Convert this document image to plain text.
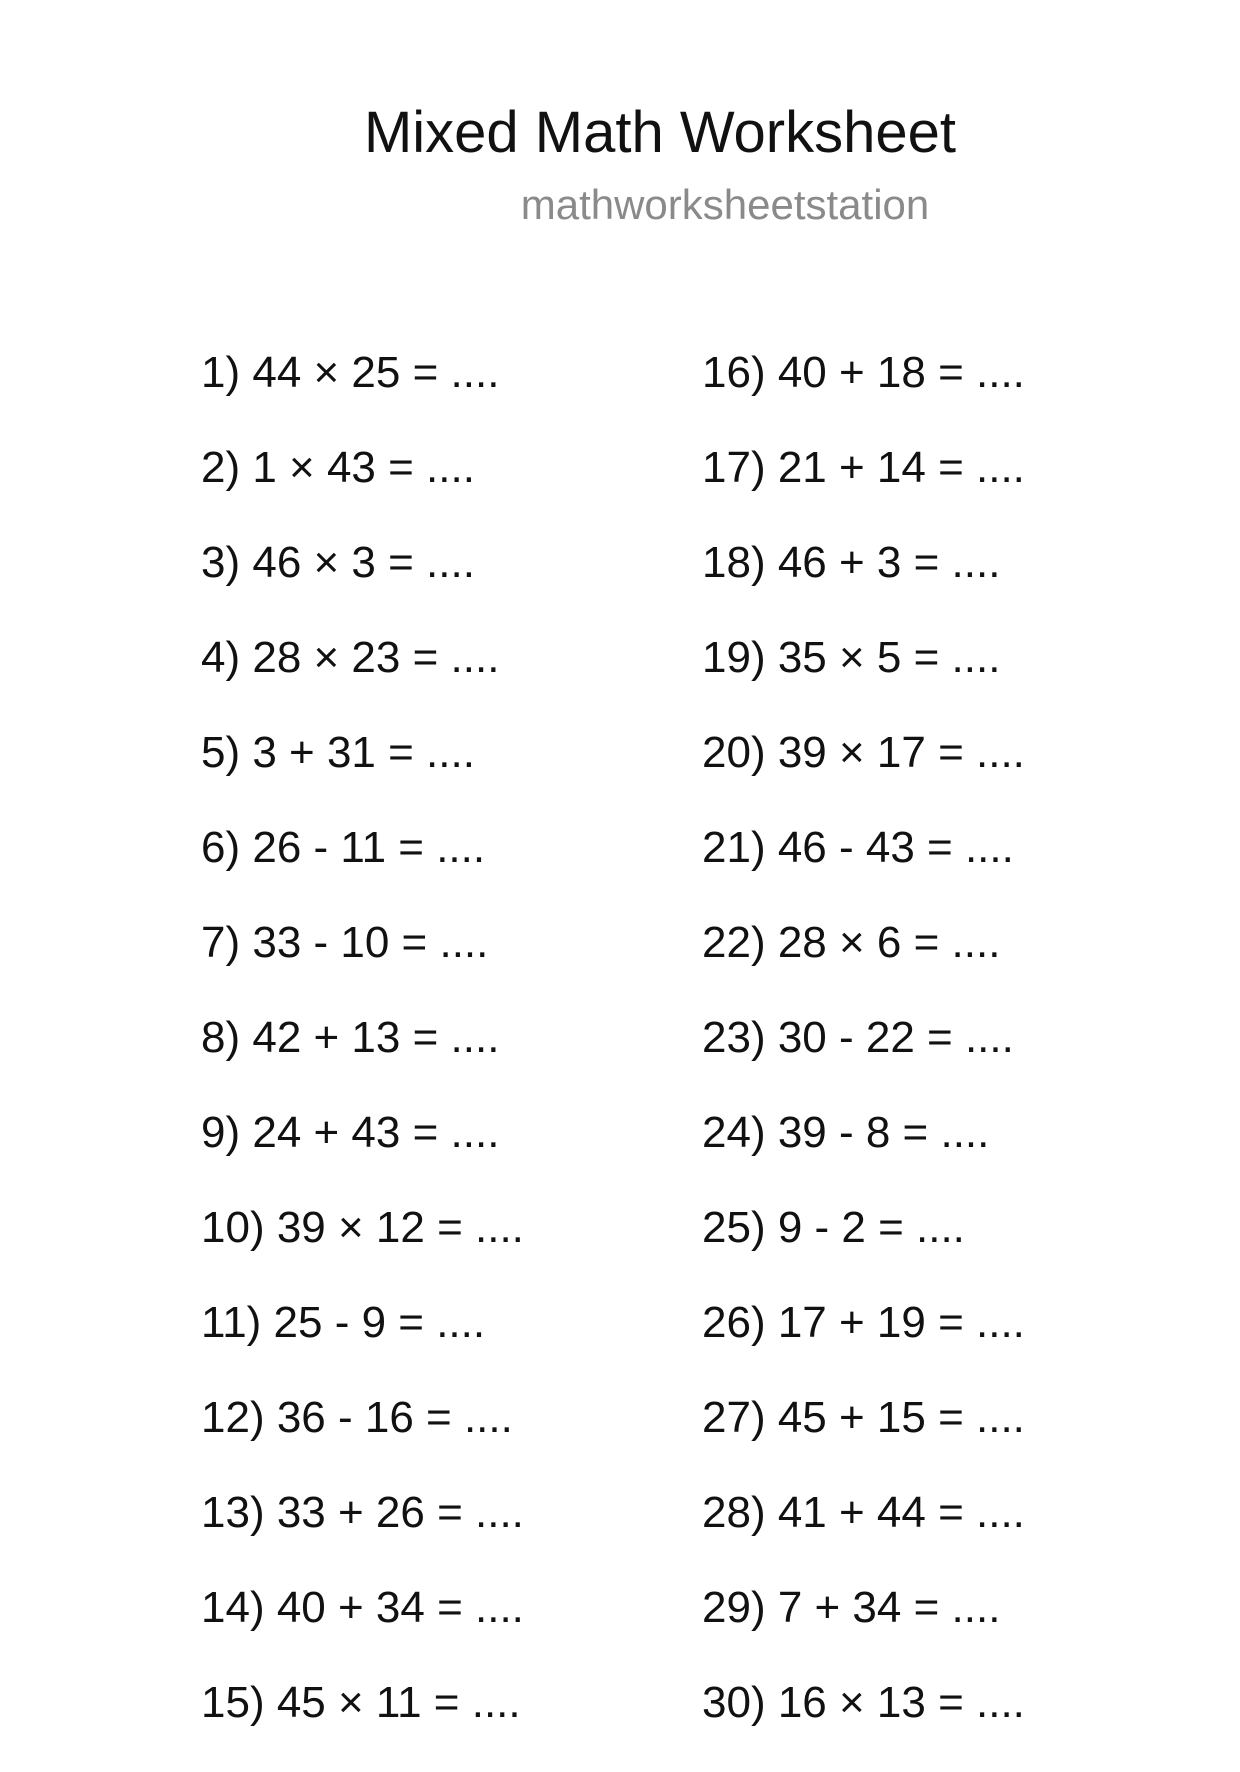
Mixed Math Worksheet
mathworksheetstation
1) 44 × 25 = ....
2) 1 × 43 = ....
3) 46 × 3 = ....
4) 28 × 23 = ....
5) 3 + 31 = ....
6) 26 - 11 = ....
7) 33 - 10 = ....
8) 42 + 13 = ....
9) 24 + 43 = ....
10) 39 × 12 = ....
11) 25 - 9 = ....
12) 36 - 16 = ....
13) 33 + 26 = ....
14) 40 + 34 = ....
15) 45 × 11 = ....
16) 40 + 18 = ....
17) 21 + 14 = ....
18) 46 + 3 = ....
19) 35 × 5 = ....
20) 39 × 17 = ....
21) 46 - 43 = ....
22) 28 × 6 = ....
23) 30 - 22 = ....
24) 39 - 8 = ....
25) 9 - 2 = ....
26) 17 + 19 = ....
27) 45 + 15 = ....
28) 41 + 44 = ....
29) 7 + 34 = ....
30) 16 × 13 = ....
